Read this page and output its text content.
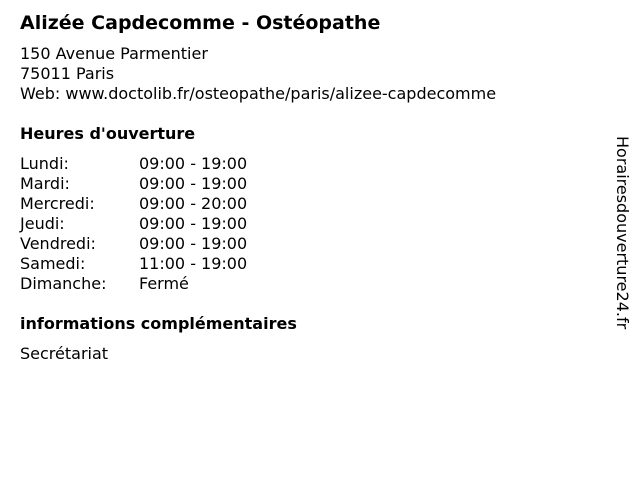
Alizée Capdecomme - Ostéopathe
150 Avenue Parmentier
75011 Paris
Web: www.doctolib.fr/osteopathe/paris/alizee-capdecomme
Heures d'ouverture
Lundi:	09:00 - 19:00
Mardi:	09:00 - 19:00
Mercredi:	09:00 - 20:00
Jeudi:	09:00 - 19:00
Vendredi:	09:00 - 19:00
Samedi:	11:00 - 19:00
Dimanche: Fermé
informations complémentaires
Secrétariat
Horairesdouverture24.fr
